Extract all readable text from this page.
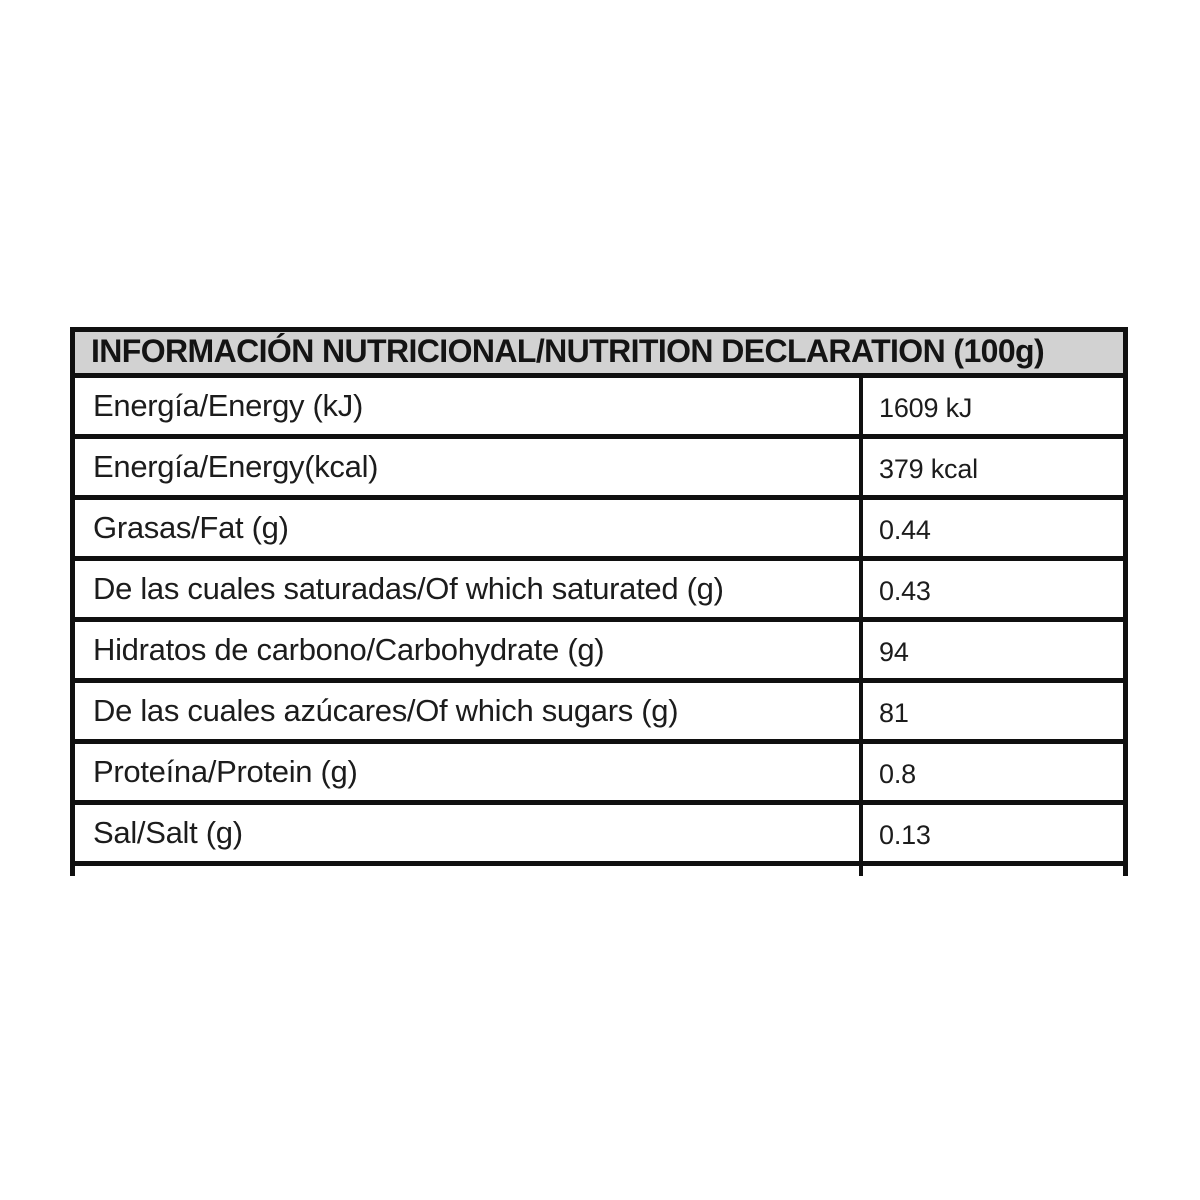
INFORMACIÓN NUTRICIONAL/NUTRITION DECLARATION (100g)
Energía/Energy (kJ)	1609 kJ
Energía/Energy(kcal)	379 kcal
Grasas/Fat (g)	0.44
De las cuales saturadas/Of which saturated (g)	0.43
Hidratos de carbono/Carbohydrate (g)	94
De las cuales azúcares/Of which sugars (g)	81
Proteína/Protein (g)	0.8
Sal/Salt (g)	0.13
